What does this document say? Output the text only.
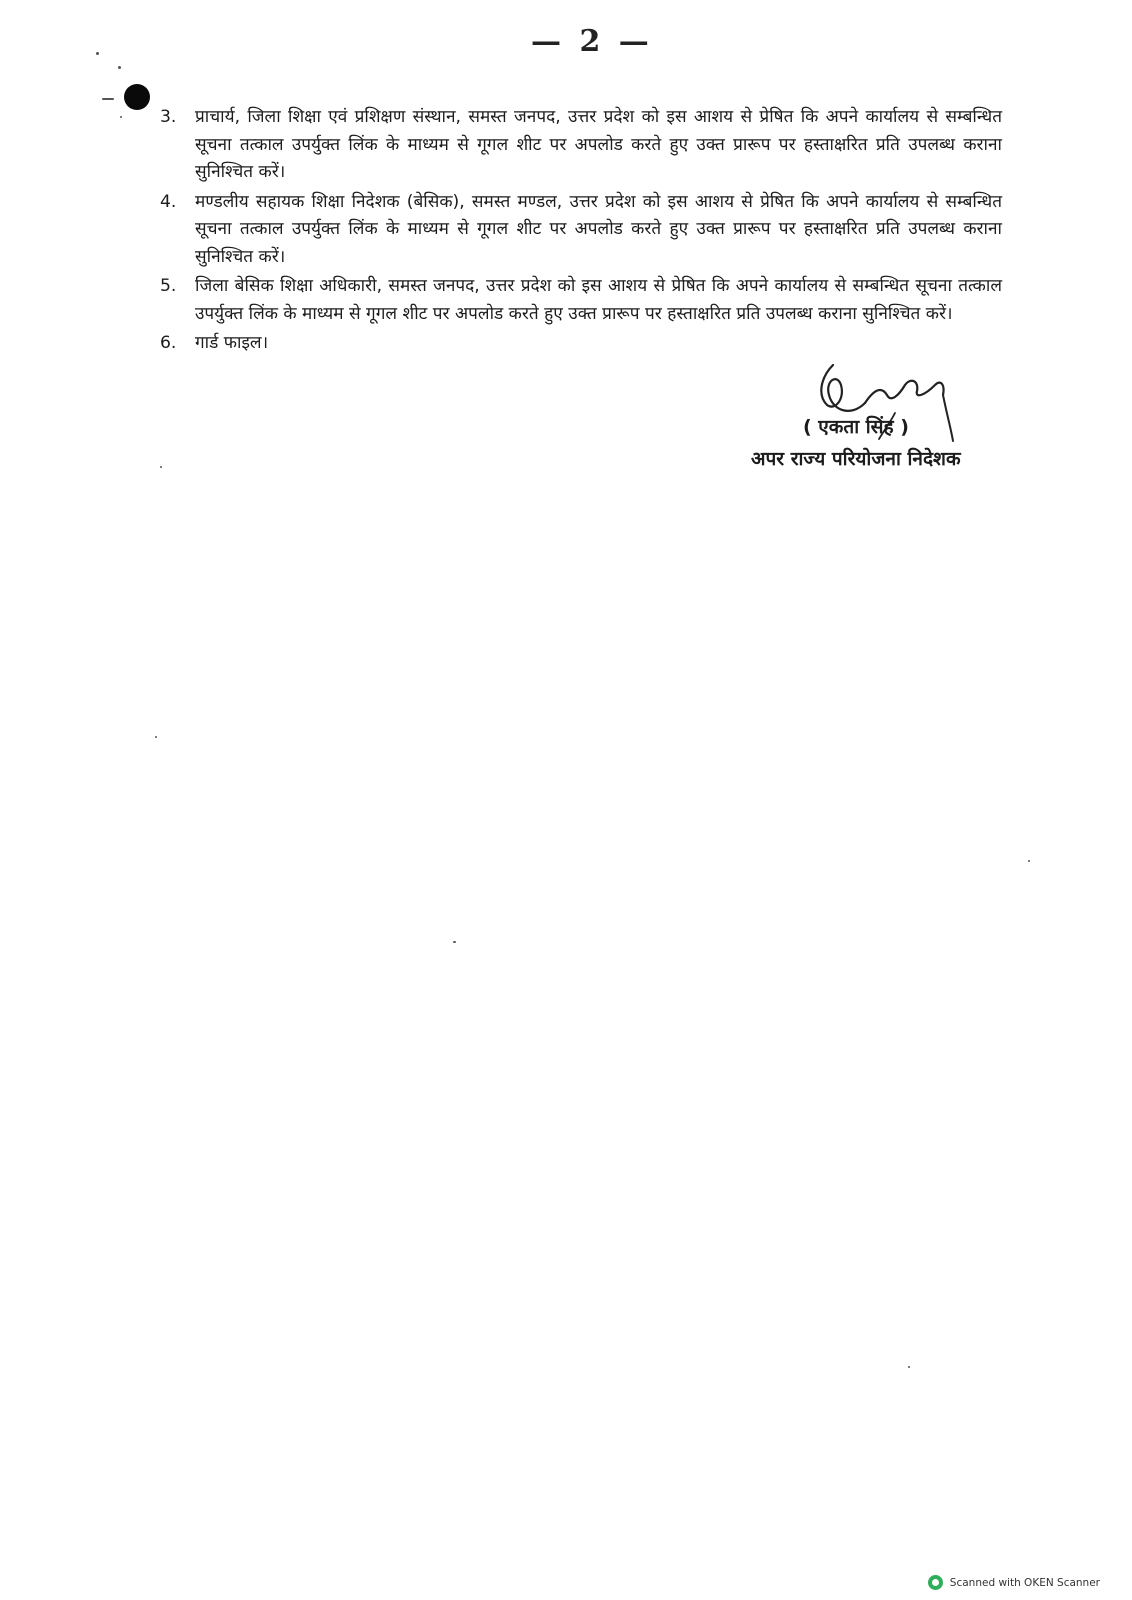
— 2 —
3.	प्राचार्य, जिला शिक्षा एवं प्रशिक्षण संस्थान, समस्त जनपद, उत्तर प्रदेश को इस आशय से प्रेषित कि अपने कार्यालय से सम्बन्धित सूचना तत्काल उपर्युक्त लिंक के माध्यम से गूगल शीट पर अपलोड करते हुए उक्त प्रारूप पर हस्ताक्षरित प्रति उपलब्ध कराना सुनिश्चित करें।
4.	मण्डलीय सहायक शिक्षा निदेशक (बेसिक), समस्त मण्डल, उत्तर प्रदेश को इस आशय से प्रेषित कि अपने कार्यालय से सम्बन्धित सूचना तत्काल उपर्युक्त लिंक के माध्यम से गूगल शीट पर अपलोड करते हुए उक्त प्रारूप पर हस्ताक्षरित प्रति उपलब्ध कराना सुनिश्चित करें।
5.	जिला बेसिक शिक्षा अधिकारी, समस्त जनपद, उत्तर प्रदेश को इस आशय से प्रेषित कि अपने कार्यालय से सम्बन्धित सूचना तत्काल उपर्युक्त लिंक के माध्यम से गूगल शीट पर अपलोड करते हुए उक्त प्रारूप पर हस्ताक्षरित प्रति उपलब्ध कराना सुनिश्चित करें।
6.	गार्ड फाइल।
( एकता सिंह )
अपर राज्य परियोजना निदेशक
Scanned with OKEN Scanner
